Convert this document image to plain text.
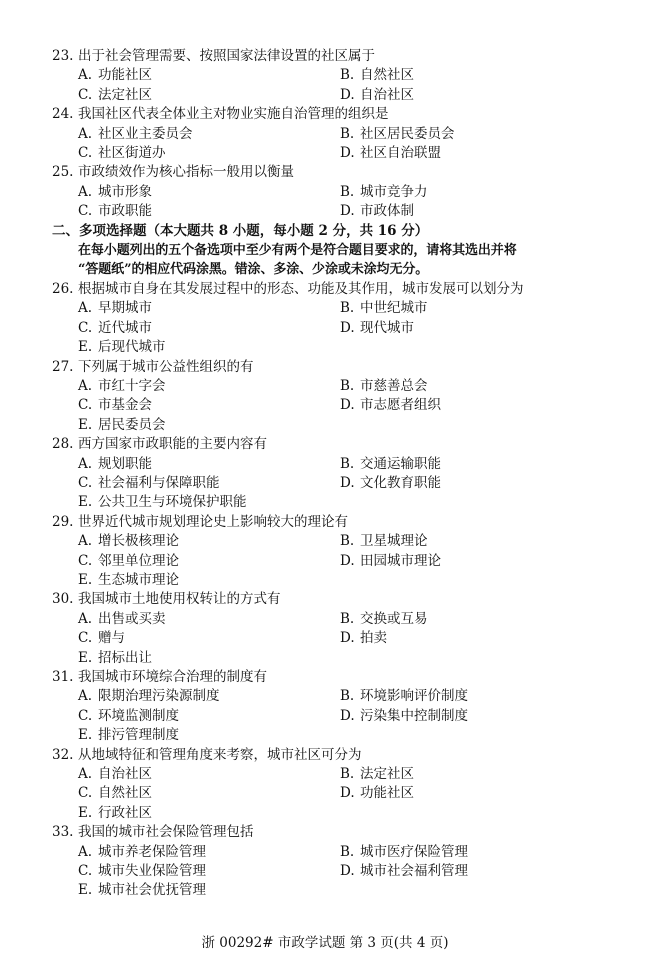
23. 出于社会管理需要、按照国家法律设置的社区属于
A. 功能社区	B. 自然社区
C. 法定社区	D. 自治社区
24. 我国社区代表全体业主对物业实施自治管理的组织是
A. 社区业主委员会	B. 社区居民委员会
C. 社区街道办	D. 社区自治联盟
25. 市政绩效作为核心指标一般用以衡量
A. 城市形象	B. 城市竞争力
C. 市政职能	D. 市政体制
二、多项选择题（本大题共 8 小题，每小题 2 分，共 16 分）
在每小题列出的五个备选项中至少有两个是符合题目要求的，请将其选出并将
“答题纸”的相应代码涂黑。错涂、多涂、少涂或未涂均无分。
26. 根据城市自身在其发展过程中的形态、功能及其作用，城市发展可以划分为
A. 早期城市	B. 中世纪城市
C. 近代城市	D. 现代城市
E. 后现代城市
27. 下列属于城市公益性组织的有
A. 市红十字会	B. 市慈善总会
C. 市基金会	D. 市志愿者组织
E. 居民委员会
28. 西方国家市政职能的主要内容有
A. 规划职能	B. 交通运输职能
C. 社会福利与保障职能	D. 文化教育职能
E. 公共卫生与环境保护职能
29. 世界近代城市规划理论史上影响较大的理论有
A. 增长极核理论	B. 卫星城理论
C. 邻里单位理论	D. 田园城市理论
E. 生态城市理论
30. 我国城市土地使用权转让的方式有
A. 出售或买卖	B. 交换或互易
C. 赠与	D. 拍卖
E. 招标出让
31. 我国城市环境综合治理的制度有
A. 限期治理污染源制度	B. 环境影响评价制度
C. 环境监测制度	D. 污染集中控制制度
E. 排污管理制度
32. 从地域特征和管理角度来考察，城市社区可分为
A. 自治社区	B. 法定社区
C. 自然社区	D. 功能社区
E. 行政社区
33. 我国的城市社会保险管理包括
A. 城市养老保险管理	B. 城市医疗保险管理
C. 城市失业保险管理	D. 城市社会福利管理
E. 城市社会优抚管理
浙 00292# 市政学试题 第 3 页(共 4 页)
